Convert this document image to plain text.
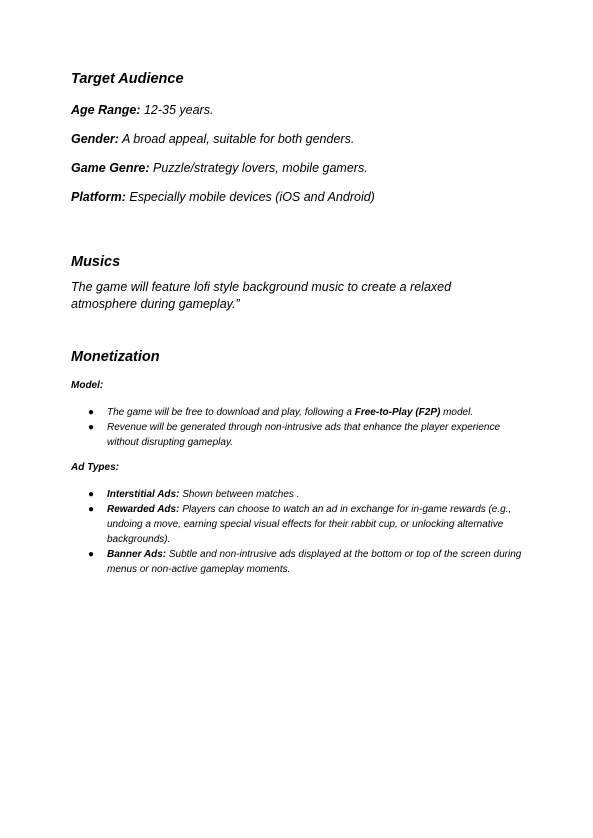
Target Audience
Age Range: 12-35 years.
Gender: A broad appeal, suitable for both genders.
Game Genre: Puzzle/strategy lovers, mobile gamers.
Platform: Especially mobile devices (iOS and Android)
Musics
The game will feature lofi style background music to create a relaxed
atmosphere during gameplay.”
Monetization
Model:
● The game will be free to download and play, following a Free-to-Play (F2P) model.
● Revenue will be generated through non-intrusive ads that enhance the player experience without disrupting gameplay.
Ad Types:
● Interstitial Ads: Shown between matches .
● Rewarded Ads: Players can choose to watch an ad in exchange for in-game rewards (e.g., undoing a move, earning special visual effects for their rabbit cup, or unlocking alternative backgrounds).
● Banner Ads: Subtle and non-intrusive ads displayed at the bottom or top of the screen during menus or non-active gameplay moments.
